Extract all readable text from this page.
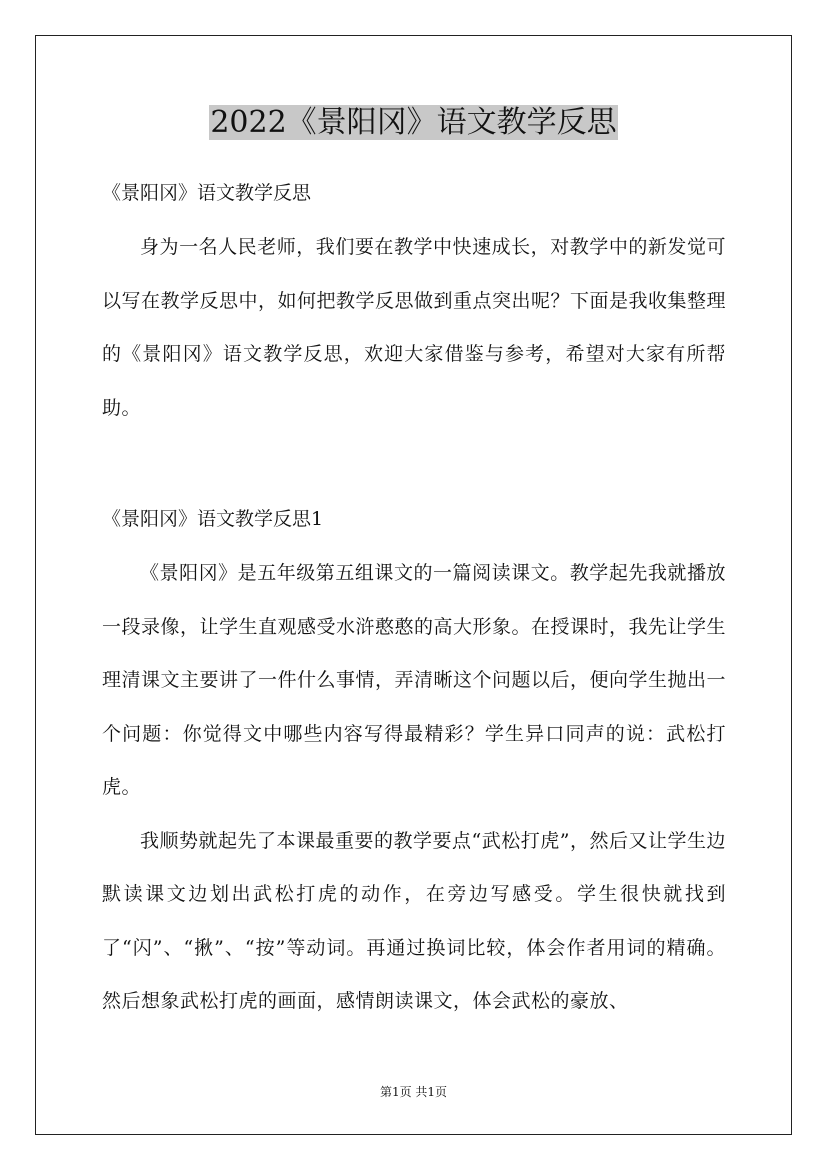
2022《景阳冈》语文教学反思
《景阳冈》语文教学反思

身为一名人民老师，我们要在教学中快速成长，对教学中的新发觉可以写在教学反思中，如何把教学反思做到重点突出呢？下面是我收集整理的《景阳冈》语文教学反思，欢迎大家借鉴与参考，希望对大家有所帮助。

《景阳冈》语文教学反思1

《景阳冈》是五年级第五组课文的一篇阅读课文。教学起先我就播放一段录像，让学生直观感受水浒憨憨的高大形象。在授课时，我先让学生理清课文主要讲了一件什么事情，弄清晰这个问题以后，便向学生抛出一个问题：你觉得文中哪些内容写得最精彩？学生异口同声的说：武松打虎。

我顺势就起先了本课最重要的教学要点“武松打虎”，然后又让学生边默读课文边划出武松打虎的动作，在旁边写感受。学生很快就找到了“闪”、“揪”、“按”等动词。再通过换词比较，体会作者用词的精确。然后想象武松打虎的画面，感情朗读课文，体会武松的豪放、

第1页 共1页
